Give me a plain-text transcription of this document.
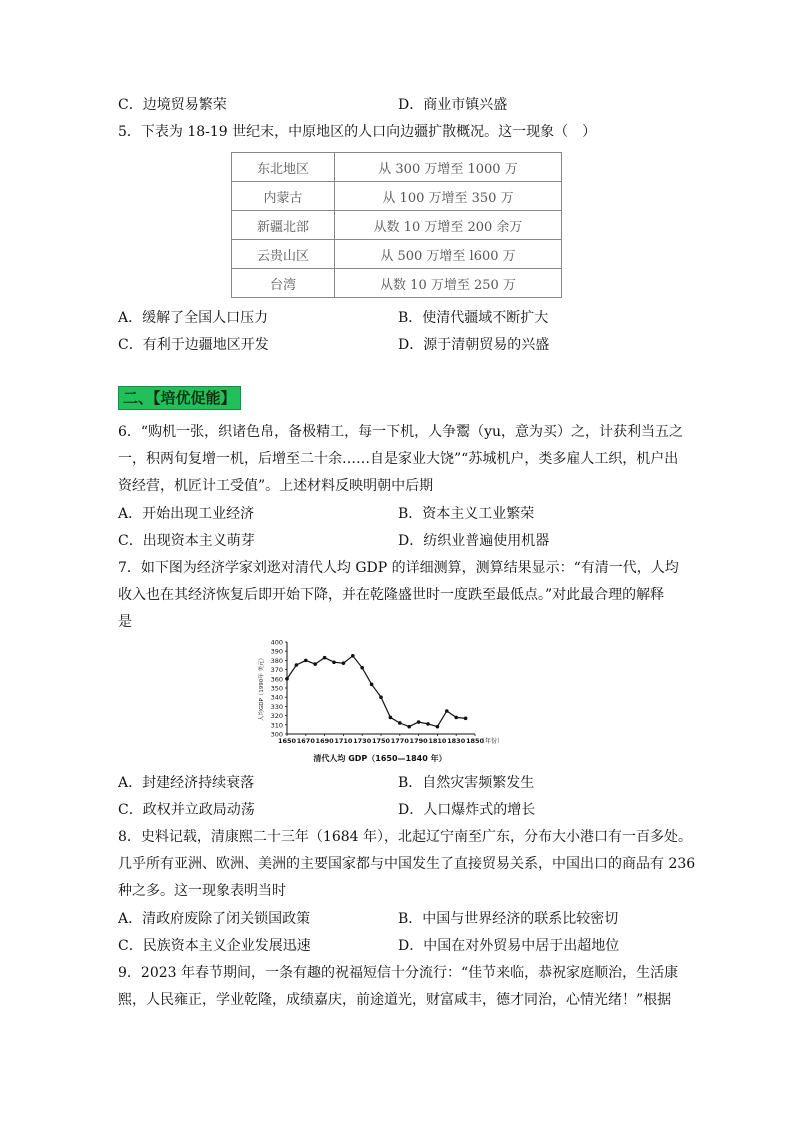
C．边境贸易繁荣	D．商业市镇兴盛
5．下表为 18-19 世纪末，中原地区的人口向边疆扩散概况。这一现象（　）
东北地区	从 300 万增至 1000 万
内蒙古	从 100 万增至 350 万
新疆北部	从数 10 万增至 200 余万
云贵山区	从 500 万增至 l600 万
台湾	从数 10 万增至 250 万
A．缓解了全国人口压力	B．使清代疆域不断扩大
C．有利于边疆地区开发	D．源于清朝贸易的兴盛
二、【培优促能】
6．“购机一张，织诸色帛，备极精工，每一下机，人争鬻（yu，意为买）之，计获利当五之
一，积两旬复增一机，后增至二十余……自是家业大饶”“苏城机户，类多雇人工织，机户出
资经营，机匠计工受值”。上述材料反映明朝中后期
A．开始出现工业经济	B．资本主义工业繁荣
C．出现资本主义萌芽	D．纺织业普遍使用机器
7．如下图为经济学家刘逖对清代人均 GDP 的详细测算，测算结果显示：“有清一代，人均
收入也在其经济恢复后即开始下降，并在乾隆盛世时一度跌至最低点。”对此最合理的解释
是
300
310
320
330
340
350
360
370
380
390
400
1650 1670 1690 1710 1730 1750 1770 1790 1810 1830 1850
（年份）
人均GDP（1990年 美元）
清代人均 GDP（1650—1840 年）
A．封建经济持续衰落	B．自然灾害频繁发生
C．政权并立政局动荡	D．人口爆炸式的增长
8．史料记载，清康熙二十三年（1684 年），北起辽宁南至广东，分布大小港口有一百多处。
几乎所有亚洲、欧洲、美洲的主要国家都与中国发生了直接贸易关系，中国出口的商品有 236
种之多。这一现象表明当时
A．清政府废除了闭关锁国政策	B．中国与世界经济的联系比较密切
C．民族资本主义企业发展迅速	D．中国在对外贸易中居于出超地位
9．2023 年春节期间，一条有趣的祝福短信十分流行：“佳节来临，恭祝家庭顺治，生活康
熙，人民雍正，学业乾隆，成绩嘉庆，前途道光，财富咸丰，德才同治，心情光绪！”根据
